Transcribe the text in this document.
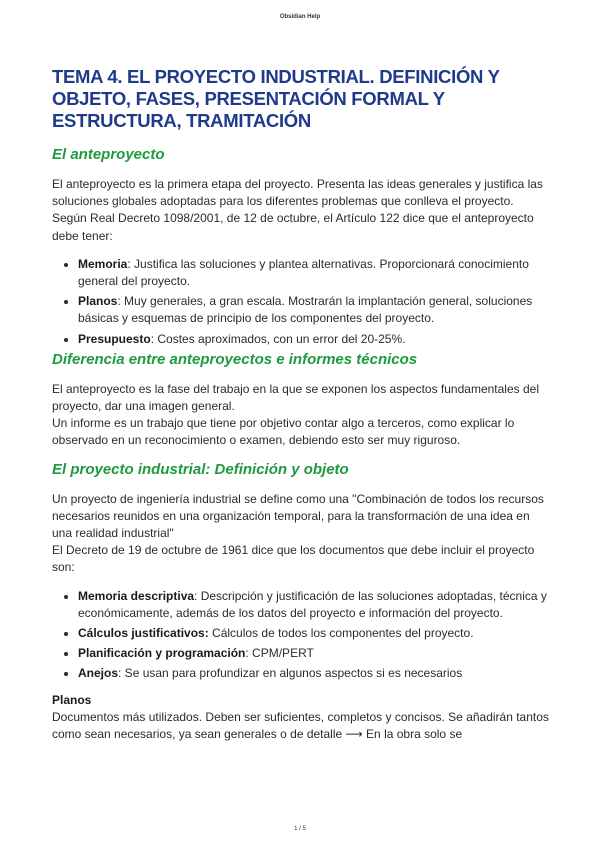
Obsidian Help
TEMA 4. EL PROYECTO INDUSTRIAL. DEFINICIÓN Y OBJETO, FASES, PRESENTACIÓN FORMAL Y ESTRUCTURA, TRAMITACIÓN
El anteproyecto

El anteproyecto es la primera etapa del proyecto. Presenta las ideas generales y justifica las soluciones globales adoptadas para los diferentes problemas que conlleva el proyecto.

Según Real Decreto 1098/2001, de 12 de octubre, el Artículo 122 dice que el anteproyecto debe tener:

• Memoria: Justifica las soluciones y plantea alternativas. Proporcionará conocimiento general del proyecto.
• Planos: Muy generales, a gran escala. Mostrarán la implantación general, soluciones básicas y esquemas de principio de los componentes del proyecto.
• Presupuesto: Costes aproximados, con un error del 20-25%.
Diferencia entre anteproyectos e informes técnicos

El anteproyecto es la fase del trabajo en la que se exponen los aspectos fundamentales del proyecto, dar una imagen general.

Un informe es un trabajo que tiene por objetivo contar algo a terceros, como explicar lo observado en un reconocimiento o examen, debiendo esto ser muy riguroso.

El proyecto industrial: Definición y objeto

Un proyecto de ingeniería industrial se define como una "Combinación de todos los recursos necesarios reunidos en una organización temporal, para la transformación de una idea en una realidad industrial"

El Decreto de 19 de octubre de 1961 dice que los documentos que debe incluir el proyecto son:

• Memoria descriptiva: Descripción y justificación de las soluciones adoptadas, técnica y económicamente, además de los datos del proyecto e información del proyecto.
• Cálculos justificativos: Cálculos de todos los componentes del proyecto.
• Planificación y programación: CPM/PERT
• Anejos: Se usan para profundizar en algunos aspectos si es necesarios
Planos

Documentos más utilizados. Deben ser suficientes, completos y concisos. Se añadirán tantos como sean necesarios, ya sean generales o de detalle ⟶ En la obra solo se

1 / 5
